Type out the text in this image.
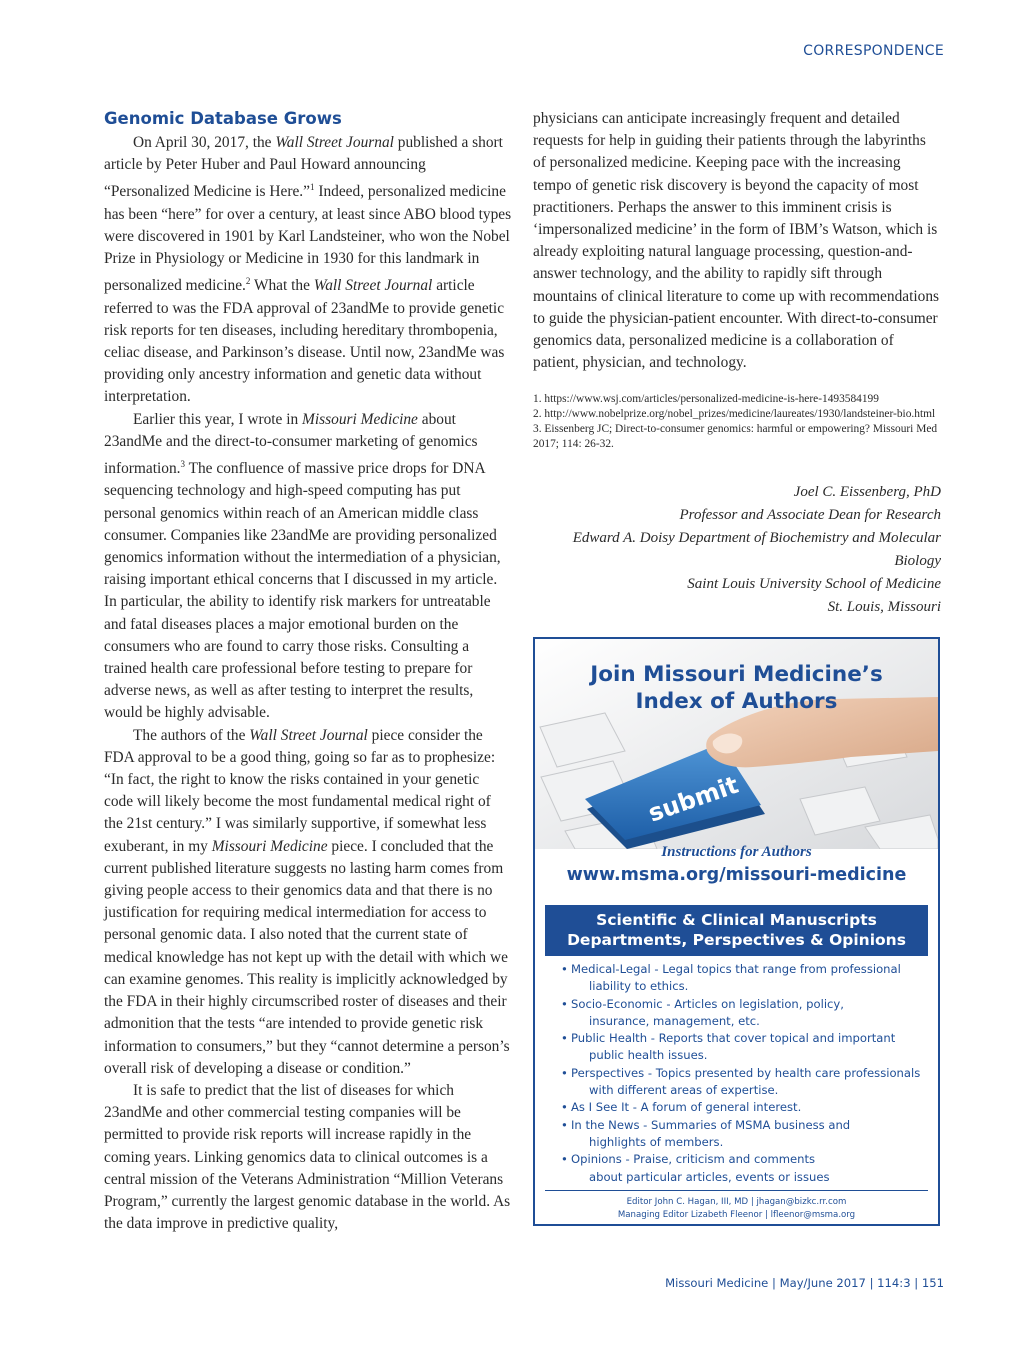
CORRESPONDENCE
Genomic Database Grows

On April 30, 2017, the Wall Street Journal published a short article by Peter Huber and Paul Howard announcing “Personalized Medicine is Here.”$^1$ Indeed, personalized medicine has been “here” for over a century, at least since ABO blood types were discovered in 1901 by Karl Landsteiner, who won the Nobel Prize in Physiology or Medicine in 1930 for this landmark in personalized medicine.$^2$ What the Wall Street Journal article referred to was the FDA approval of 23andMe to provide genetic risk reports for ten diseases, including hereditary thrombopenia, celiac disease, and Parkinson’s disease. Until now, 23andMe was providing only ancestry information and genetic data without interpretation.

Earlier this year, I wrote in Missouri Medicine about 23andMe and the direct-to-consumer marketing of genomics information.$^3$ The confluence of massive price drops for DNA sequencing technology and high-speed computing has put personal genomics within reach of an American middle class consumer. Companies like 23andMe are providing personalized genomics information without the intermediation of a physician, raising important ethical concerns that I discussed in my article. In particular, the ability to identify risk markers for untreatable and fatal diseases places a major emotional burden on the consumers who are found to carry those risks. Consulting a trained health care professional before testing to prepare for adverse news, as well as after testing to interpret the results, would be highly advisable.

The authors of the Wall Street Journal piece consider the FDA approval to be a good thing, going so far as to prophesize: “In fact, the right to know the risks contained in your genetic code will likely become the most fundamental medical right of the 21st century.” I was similarly supportive, if somewhat less exuberant, in my Missouri Medicine piece. I concluded that the current published literature suggests no lasting harm comes from giving people access to their genomics data and that there is no justification for requiring medical intermediation for access to personal genomic data. I also noted that the current state of medical knowledge has not kept up with the detail with which we can examine genomes. This reality is implicitly acknowledged by the FDA in their highly circumscribed roster of diseases and their admonition that the tests “are intended to provide genetic risk information to consumers,” but they “cannot determine a person’s overall risk of developing a disease or condition.”

It is safe to predict that the list of diseases for which 23andMe and other commercial testing companies will be permitted to provide risk reports will increase rapidly in the coming years. Linking genomics data to clinical outcomes is a central mission of the Veterans Administration “Million Veterans Program,” currently the largest genomic database in the world. As the data improve in predictive quality,

physicians can anticipate increasingly frequent and detailed requests for help in guiding their patients through the labyrinths of personalized medicine. Keeping pace with the increasing tempo of genetic risk discovery is beyond the capacity of most practitioners. Perhaps the answer to this imminent crisis is ‘impersonalized medicine’ in the form of IBM’s Watson, which is already exploiting natural language processing, question-and-answer technology, and the ability to rapidly sift through mountains of clinical literature to come up with recommendations to guide the physician-patient encounter. With direct-to-consumer genomics data, personalized medicine is a collaboration of patient, physician, and technology.

1. https://www.wsj.com/articles/personalized-medicine-is-here-1493584199
2. http://www.nobelprize.org/nobel_prizes/medicine/laureates/1930/landsteiner-bio.html
3. Eissenberg JC; Direct-to-consumer genomics: harmful or empowering? Missouri Med 2017; 114: 26-32.
Joel C. Eissenberg, PhD
Professor and Associate Dean for Research
Edward A. Doisy Department of Biochemistry and Molecular Biology
Saint Louis University School of Medicine
St. Louis, Missouri
submit
Join Missouri Medicine’s
Index of Authors
Instructions for Authors
www.msma.org/missouri-medicine
Scientific & Clinical Manuscripts
Departments, Perspectives & Opinions
• Medical-Legal - Legal topics that range from professional
liability to ethics.
• Socio-Economic - Articles on legislation, policy,
insurance, management, etc.
• Public Health - Reports that cover topical and important
public health issues.
• Perspectives - Topics presented by health care professionals
with different areas of expertise.
• As I See It - A forum of general interest.
• In the News - Summaries of MSMA business and
highlights of members.
• Opinions - Praise, criticism and comments
about particular articles, events or issues
Editor John C. Hagan, III, MD | jhagan@bizkc.rr.com
Managing Editor Lizabeth Fleenor | lfleenor@msma.org
Missouri Medicine | May/June 2017 | 114:3 | 151
